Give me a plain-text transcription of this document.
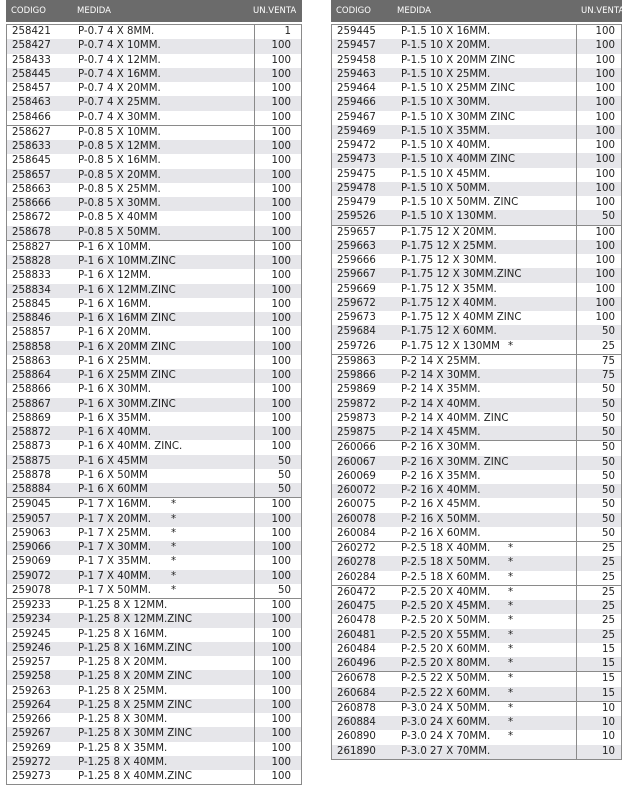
CODIGO	MEDIDA	UN.VENTA
258421	P-0.7 4 X 8MM.	1
258427	P-0.7 4 X 10MM.	100
258433	P-0.7 4 X 12MM.	100
258445	P-0.7 4 X 16MM.	100
258457	P-0.7 4 X 20MM.	100
258463	P-0.7 4 X 25MM.	100
258466	P-0.7 4 X 30MM.	100
258627	P-0.8 5 X 10MM.	100
258633	P-0.8 5 X 12MM.	100
258645	P-0.8 5 X 16MM.	100
258657	P-0.8 5 X 20MM.	100
258663	P-0.8 5 X 25MM.	100
258666	P-0.8 5 X 30MM.	100
258672	P-0.8 5 X 40MM	100
258678	P-0.8 5 X 50MM.	100
258827	P-1 6 X 10MM.	100
258828	P-1 6 X 10MM.ZINC	100
258833	P-1 6 X 12MM.	100
258834	P-1 6 X 12MM.ZINC	100
258845	P-1 6 X 16MM.	100
258846	P-1 6 X 16MM ZINC	100
258857	P-1 6 X 20MM.	100
258858	P-1 6 X 20MM ZINC	100
258863	P-1 6 X 25MM.	100
258864	P-1 6 X 25MM ZINC	100
258866	P-1 6 X 30MM.	100
258867	P-1 6 X 30MM.ZINC	100
258869	P-1 6 X 35MM.	100
258872	P-1 6 X 40MM.	100
258873	P-1 6 X 40MM. ZINC.	100
258875	P-1 6 X 45MM	50
258878	P-1 6 X 50MM	50
258884	P-1 6 X 60MM	50
259045	P-1 7 X 16MM. *	100
259057	P-1 7 X 20MM. *	100
259063	P-1 7 X 25MM. *	100
259066	P-1 7 X 30MM. *	100
259069	P-1 7 X 35MM. *	100
259072	P-1 7 X 40MM. *	100
259078	P-1 7 X 50MM. *	50
259233	P-1.25 8 X 12MM.	100
259234	P-1.25 8 X 12MM.ZINC	100
259245	P-1.25 8 X 16MM.	100
259246	P-1.25 8 X 16MM.ZINC	100
259257	P-1.25 8 X 20MM.	100
259258	P-1.25 8 X 20MM ZINC	100
259263	P-1.25 8 X 25MM.	100
259264	P-1.25 8 X 25MM ZINC	100
259266	P-1.25 8 X 30MM.	100
259267	P-1.25 8 X 30MM ZINC	100
259269	P-1.25 8 X 35MM.	100
259272	P-1.25 8 X 40MM.	100
259273	P-1.25 8 X 40MM.ZINC	100
CODIGO	MEDIDA	UN.VENTA
259445 P-1.5 10 X 16MM.	100
259457 P-1.5 10 X 20MM.	100
259458 P-1.5 10 X 20MM ZINC	100
259463 P-1.5 10 X 25MM.	100
259464 P-1.5 10 X 25MM ZINC	100
259466 P-1.5 10 X 30MM.	100
259467 P-1.5 10 X 30MM ZINC	100
259469 P-1.5 10 X 35MM.	100
259472 P-1.5 10 X 40MM.	100
259473 P-1.5 10 X 40MM ZINC	100
259475 P-1.5 10 X 45MM.	100
259478 P-1.5 10 X 50MM.	100
259479 P-1.5 10 X 50MM. ZINC	100
259526 P-1.5 10 X 130MM.	50
259657 P-1.75 12 X 20MM.	100
259663 P-1.75 12 X 25MM.	100
259666 P-1.75 12 X 30MM.	100
259667 P-1.75 12 X 30MM.ZINC	100
259669 P-1.75 12 X 35MM.	100
259672 P-1.75 12 X 40MM.	100
259673 P-1.75 12 X 40MM ZINC	100
259684 P-1.75 12 X 60MM.	50
259726 P-1.75 12 X 130MM *	25
259863 P-2 14 X 25MM.	75
259866 P-2 14 X 30MM.	75
259869 P-2 14 X 35MM.	50
259872 P-2 14 X 40MM.	50
259873 P-2 14 X 40MM. ZINC	50
259875 P-2 14 X 45MM.	50
260066 P-2 16 X 30MM.	50
260067 P-2 16 X 30MM. ZINC	50
260069 P-2 16 X 35MM.	50
260072 P-2 16 X 40MM.	50
260075 P-2 16 X 45MM.	50
260078 P-2 16 X 50MM.	50
260084 P-2 16 X 60MM.	50
260272 P-2.5 18 X 40MM. *	25
260278 P-2.5 18 X 50MM. *	25
260284 P-2.5 18 X 60MM. *	25
260472 P-2.5 20 X 40MM. *	25
260475 P-2.5 20 X 45MM. *	25
260478 P-2.5 20 X 50MM. *	25
260481 P-2.5 20 X 55MM. *	25
260484 P-2.5 20 X 60MM. *	15
260496 P-2.5 20 X 80MM. *	15
260678 P-2.5 22 X 50MM. *	15
260684 P-2.5 22 X 60MM. *	15
260878 P-3.0 24 X 50MM. *	10
260884 P-3.0 24 X 60MM. *	10
260890 P-3.0 24 X 70MM. *	10
261890 P-3.0 27 X 70MM.	10
